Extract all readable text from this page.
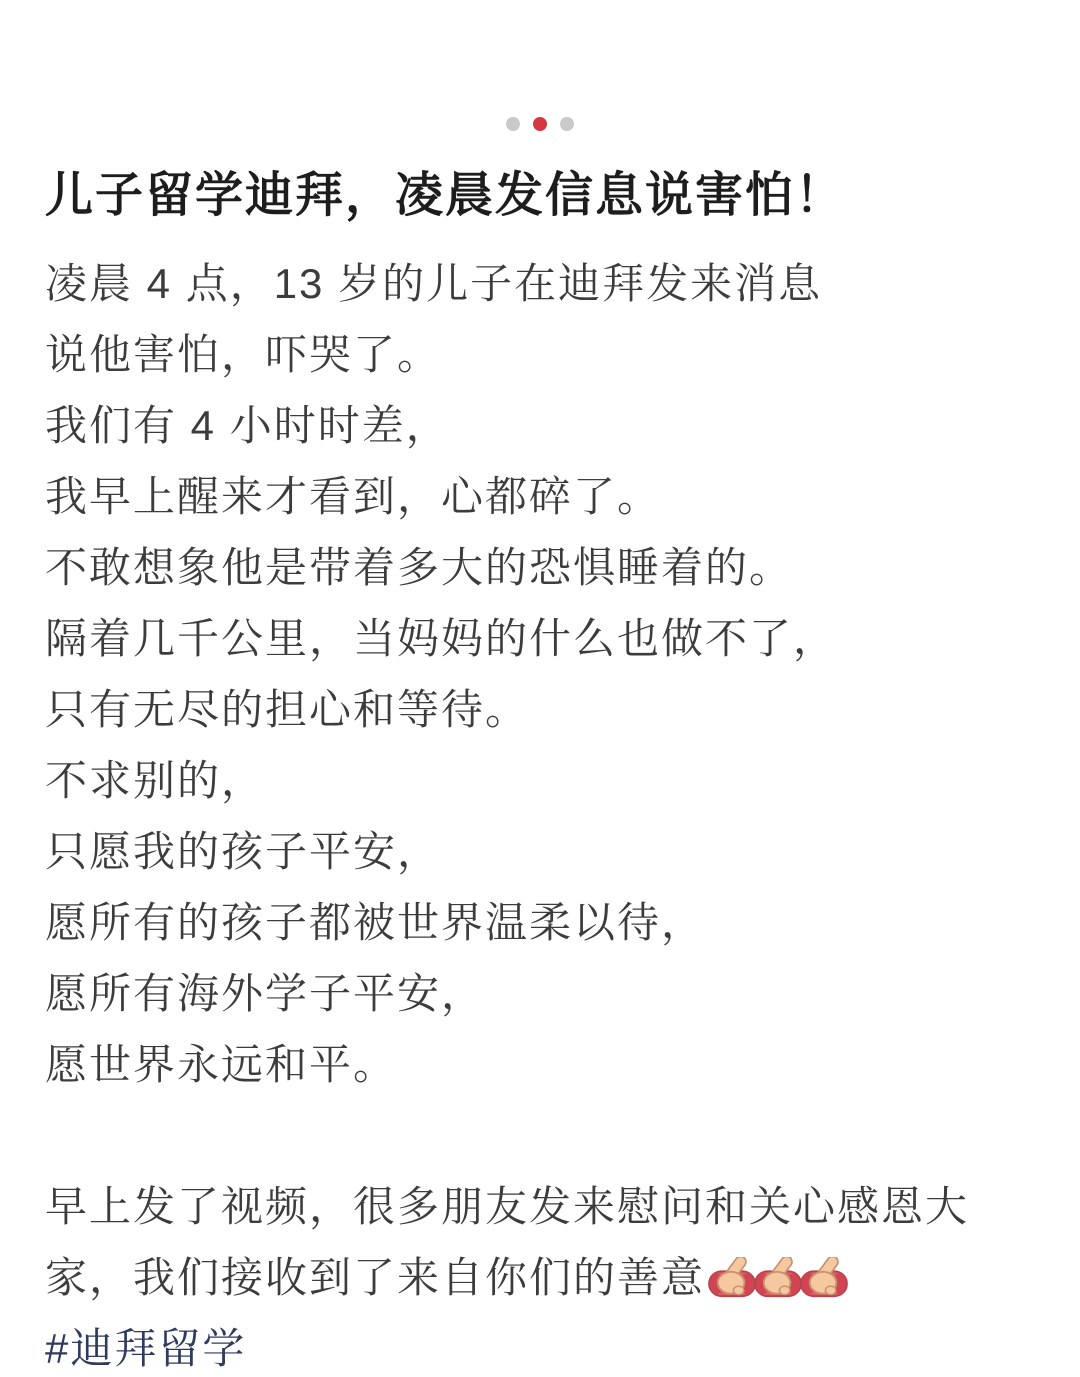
儿子留学迪拜，凌晨发信息说害怕！
凌晨 4 点，13 岁的儿子在迪拜发来消息
说他害怕，吓哭了。
我们有 4 小时时差，
我早上醒来才看到，心都碎了。
不敢想象他是带着多大的恐惧睡着的。
隔着几千公里，当妈妈的什么也做不了，
只有无尽的担心和等待。
不求别的，
只愿我的孩子平安，
愿所有的孩子都被世界温柔以待，
愿所有海外学子平安，
愿世界永远和平。
早上发了视频，很多朋友发来慰问和关心感恩大
家，我们接收到了来自你们的善意
#迪拜留学
